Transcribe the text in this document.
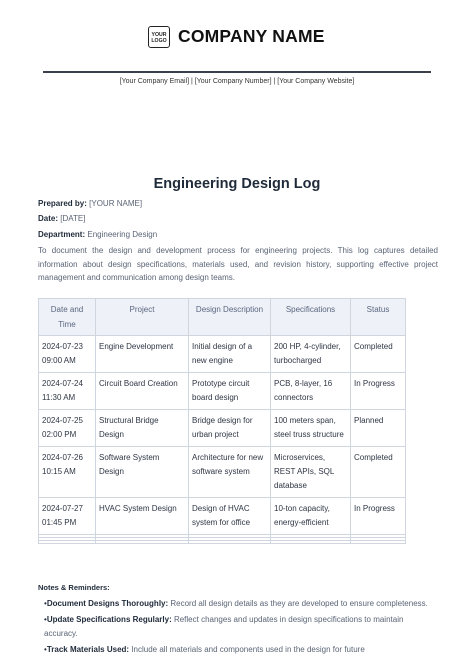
YOUR
LOGO COMPANY NAME
[Your Company Email] | [Your Company Number] | [Your Company Website]
Engineering Design Log
Prepared by: [YOUR NAME]
Date: [DATE]
Department: Engineering Design
To document the design and development process for engineering projects. This log captures detailed information about design specifications, materials used, and revision history, supporting effective project management and communication among design teams.
Date and Time	Project	Design Description	Specifications	Status
2024-07-23 09:00 AM	Engine Development	Initial design of a new engine	200 HP, 4-cylinder, turbocharged	Completed
2024-07-24 11:30 AM	Circuit Board Creation	Prototype circuit board design	PCB, 8-layer, 16 connectors	In Progress
2024-07-25 02:00 PM	Structural Bridge Design	Bridge design for urban project	100 meters span, steel truss structure	Planned
2024-07-26 10:15 AM	Software System Design	Architecture for new software system	Microservices, REST APIs, SQL database	Completed
2024-07-27 01:45 PM	HVAC System Design	Design of HVAC system for office	10-ton capacity, energy-efficient	In Progress

Notes & Reminders:
•Document Designs Thoroughly: Record all design details as they are developed to ensure completeness.
•Update Specifications Regularly: Reflect changes and updates in design specifications to maintain accuracy.
•Track Materials Used: Include all materials and components used in the design for future
